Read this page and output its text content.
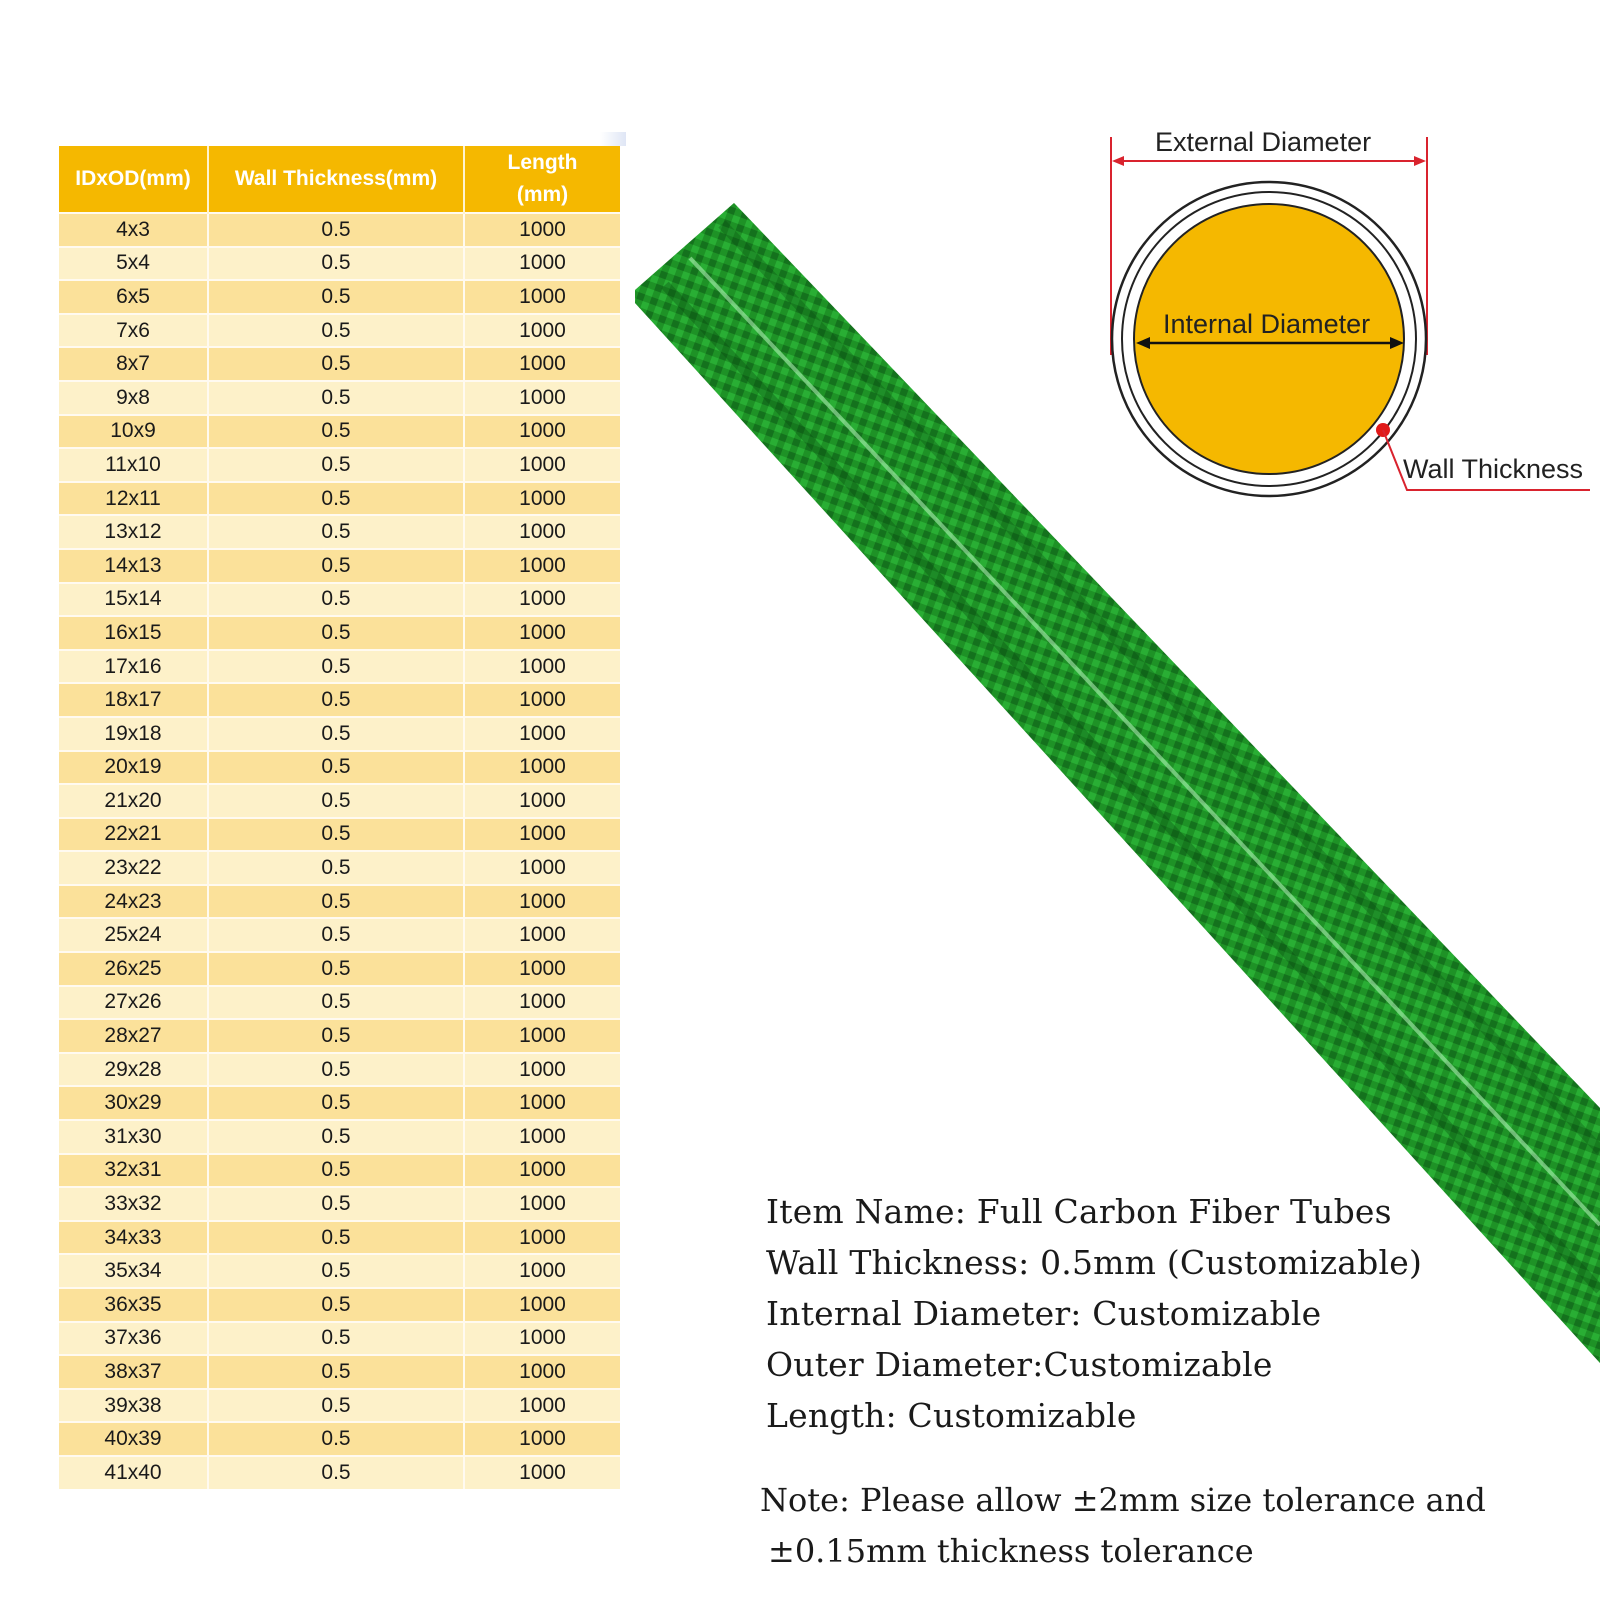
IDxOD(mm)	Wall Thickness(mm)	Length (mm)
4x3	0.5	1000
5x4	0.5	1000
6x5	0.5	1000
7x6	0.5	1000
8x7	0.5	1000
9x8	0.5	1000
10x9	0.5	1000
11x10	0.5	1000
12x11	0.5	1000
13x12	0.5	1000
14x13	0.5	1000
15x14	0.5	1000
16x15	0.5	1000
17x16	0.5	1000
18x17	0.5	1000
19x18	0.5	1000
20x19	0.5	1000
21x20	0.5	1000
22x21	0.5	1000
23x22	0.5	1000
24x23	0.5	1000
25x24	0.5	1000
26x25	0.5	1000
27x26	0.5	1000
28x27	0.5	1000
29x28	0.5	1000
30x29	0.5	1000
31x30	0.5	1000
32x31	0.5	1000
33x32	0.5	1000
34x33	0.5	1000
35x34	0.5	1000
36x35	0.5	1000
37x36	0.5	1000
38x37	0.5	1000
39x38	0.5	1000
40x39	0.5	1000
41x40	0.5	1000
External Diameter
Internal Diameter
Wall Thickness
Item Name: Full Carbon Fiber Tubes
Wall Thickness: 0.5mm (Customizable)
Internal Diameter: Customizable
Outer Diameter:Customizable
Length: Customizable
Note: Please allow ±2mm size tolerance and
±0.15mm thickness tolerance
